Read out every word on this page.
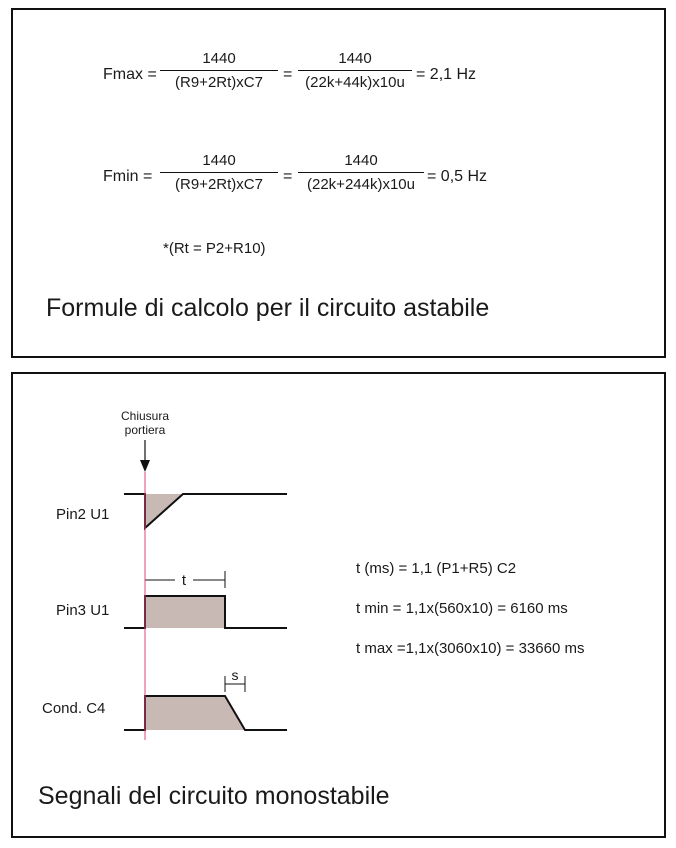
Fmax =
1440
(R9+2Rt)xC7	=
1440
(22k+44k)x10u = 2,1 Hz
Fmin =
1440
(R9+2Rt)xC7	=
1440
(22k+244k)x10u = 0,5 Hz
*(Rt = P2+R10)
Formule di calcolo per il circuito astabile
Chiusura
portiera
Pin2 U1
Pin3 U1
t
Cond. C4
s
t (ms) = 1,1 (P1+R5) C2
t min = 1,1x(560x10) = 6160 ms
t max =1,1x(3060x10) = 33660 ms
Segnali del circuito monostabile
